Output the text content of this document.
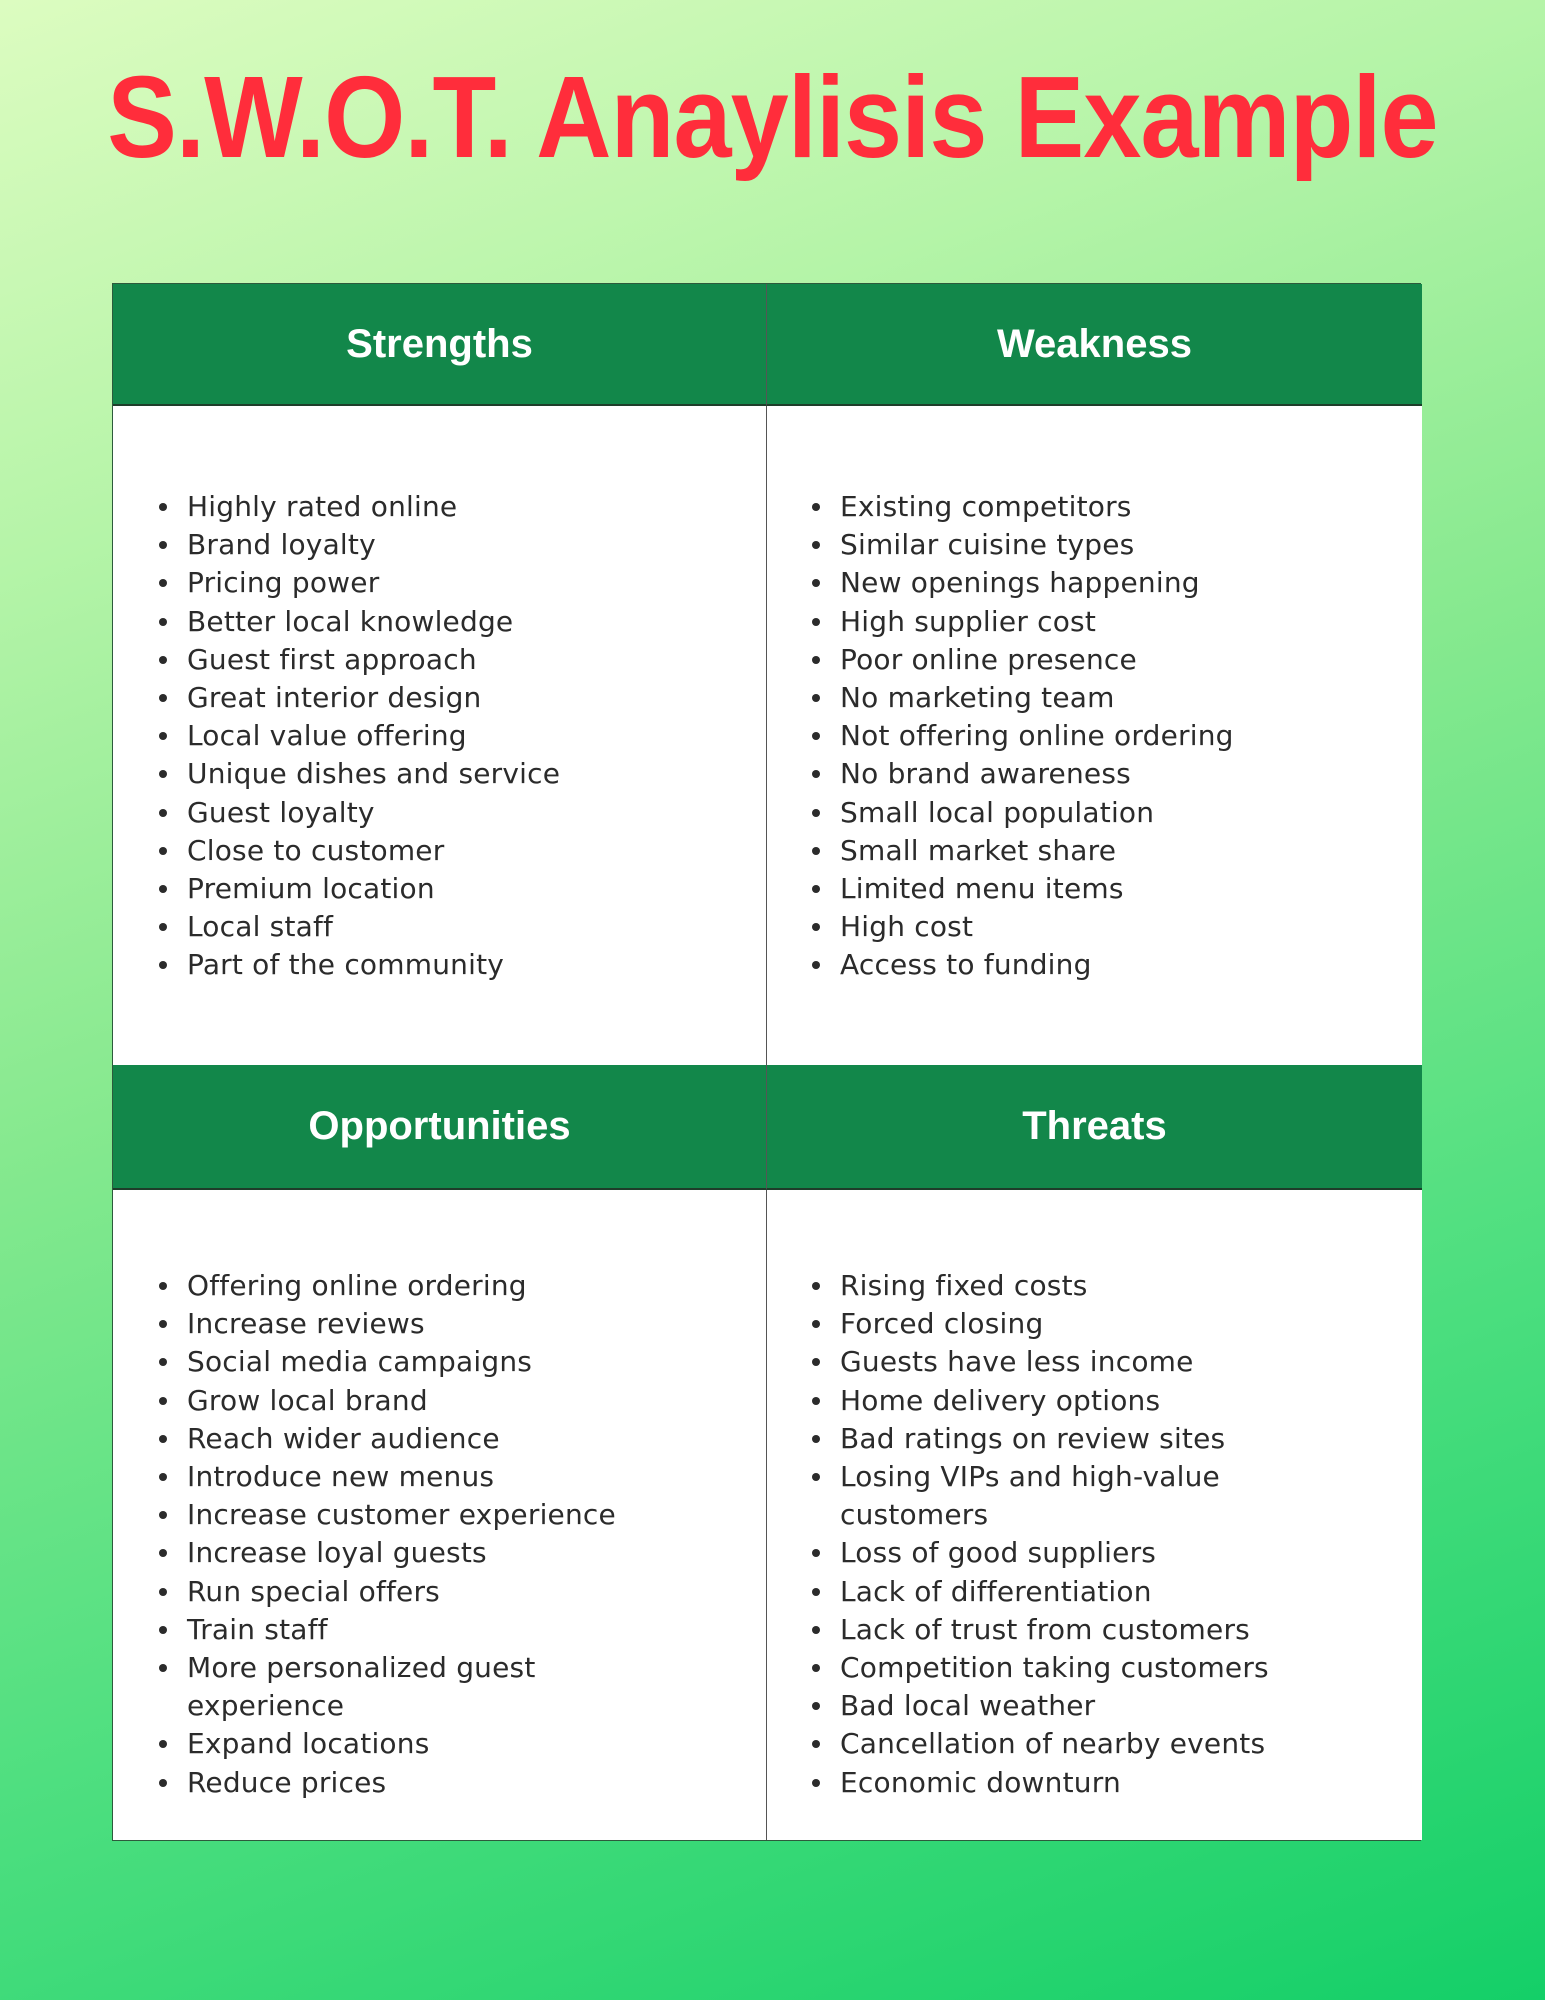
S.W.O.T. Anaylisis Example
Strengths	Weakness
Highly rated online
Brand loyalty
Pricing power
Better local knowledge
Guest first approach
Great interior design
Local value offering
Unique dishes and service
Guest loyalty
Close to customer
Premium location
Local staff
Part of the community
Existing competitors
Similar cuisine types
New openings happening
High supplier cost
Poor online presence
No marketing team
Not offering online ordering
No brand awareness
Small local population
Small market share
Limited menu items
High cost
Access to funding
Opportunities	Threats
Offering online ordering
Increase reviews
Social media campaigns
Grow local brand
Reach wider audience
Introduce new menus
Increase customer experience
Increase loyal guests
Run special offers
Train staff
More personalized guest experience
Expand locations
Reduce prices
Rising fixed costs
Forced closing
Guests have less income
Home delivery options
Bad ratings on review sites
Losing VIPs and high-value customers
Loss of good suppliers
Lack of differentiation
Lack of trust from customers
Competition taking customers
Bad local weather
Cancellation of nearby events
Economic downturn
